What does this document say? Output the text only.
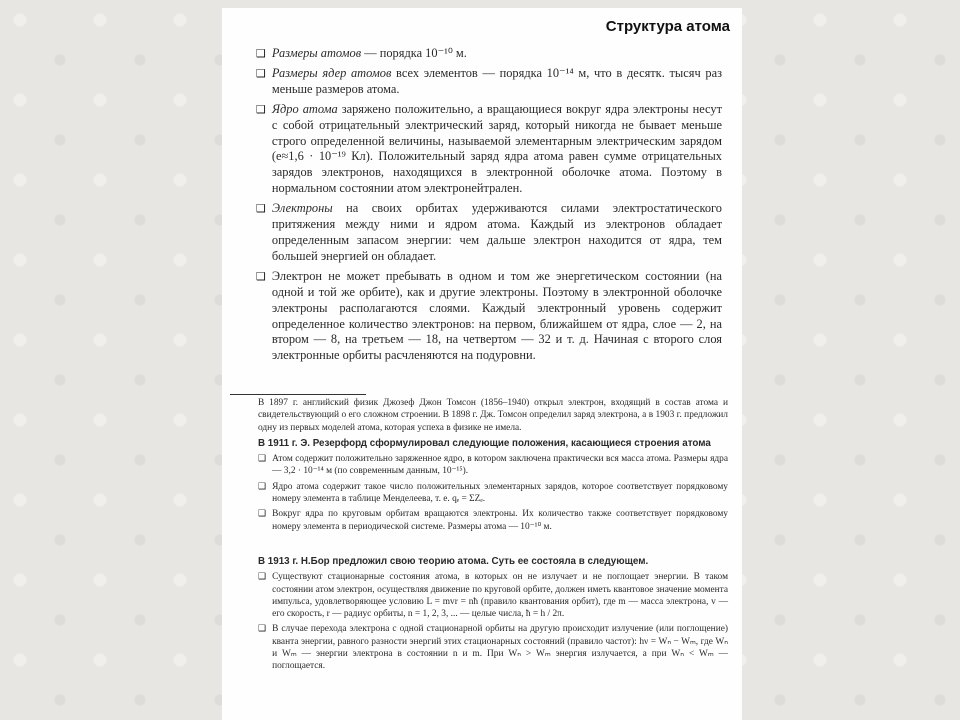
Структура атома
❑ Размеры атомов — порядка 10⁻¹⁰ м.
❑ Размеры ядер атомов всех элементов — порядка 10⁻¹⁴ м, что в десятк. тысяч раз меньше размеров атома.
❑ Ядро атома заряжено положительно, а вращающиеся вокруг ядра электроны несут с собой отрицательный электрический заряд, который никогда не бывает меньше строго определенной величины, называемой элементарным электрическим зарядом (e≈1,6 · 10⁻¹⁹ Кл). Положительный заряд ядра атома равен сумме отрицательных зарядов электронов, находящихся в электронной оболочке атома. Поэтому в нормальном состоянии атом электронейтрален.
❑ Электроны на своих орбитах удерживаются силами электростатического притяжения между ними и ядром атома. Каждый из электронов обладает определенным запасом энергии: чем дальше электрон находится от ядра, тем большей энергией он обладает.
❑ Электрон не может пребывать в одном и том же энергетическом состоянии (на одной и той же орбите), как и другие электроны. Поэтому в электронной оболочке электроны располагаются слоями. Каждый электронный уровень содержит определенное количество электронов: на первом, ближайшем от ядра, слое — 2, на втором — 8, на третьем — 18, на четвертом — 32 и т. д. Начиная с второго слоя электронные орбиты расчленяются на подуровни.

В 1897 г. английский физик Джозеф Джон Томсон (1856–1940) открыл электрон, входящий в состав атома и свидетельствующий о его сложном строении. В 1898 г. Дж. Томсон определил заряд электрона, а в 1903 г. предложил одну из первых моделей атома, которая успеха в физике не имела.

В 1911 г. Э. Резерфорд сформулировал следующие положения, касающиеся строения атома

❑ Атом содержит положительно заряженное ядро, в котором заключена практически вся масса атома. Размеры ядра — 3,2 · 10⁻¹⁴ м (по современным данным, 10⁻¹⁵).
❑ Ядро атома содержит такое число положительных элементарных зарядов, которое соответствует порядковому номеру элемента в таблице Менделеева, т. е. qₑ = ΣZₑ.
❑ Вокруг ядра по круговым орбитам вращаются электроны. Их количество также соответствует порядковому номеру элемента в периодической системе. Размеры атома — 10⁻¹⁰ м.

В 1913 г. Н.Бор предложил свою теорию атома. Суть ее состояла в следующем.

❑ Существуют стационарные состояния атома, в которых он не излучает и не поглощает энергии. В таком состоянии атом электрон, осуществляя движение по круговой орбите, должен иметь квантовое значение момента импульса, удовлетворяющее условию L = mvr = nħ (правило квантования орбит), где m — масса электрона, v — его скорость, r — радиус орбиты, n = 1, 2, 3, ... — целые числа, ħ = h / 2π.
❑ В случае перехода электрона с одной стационарной орбиты на другую происходит излучение (или поглощение) кванта энергии, равного разности энергий этих стационарных состояний (правило частот): hν = Wₙ − Wₘ, где Wₙ и Wₘ — энергии электрона в состоянии n и m. При Wₙ > Wₘ энергия излучается, а при Wₙ < Wₘ — поглощается.
